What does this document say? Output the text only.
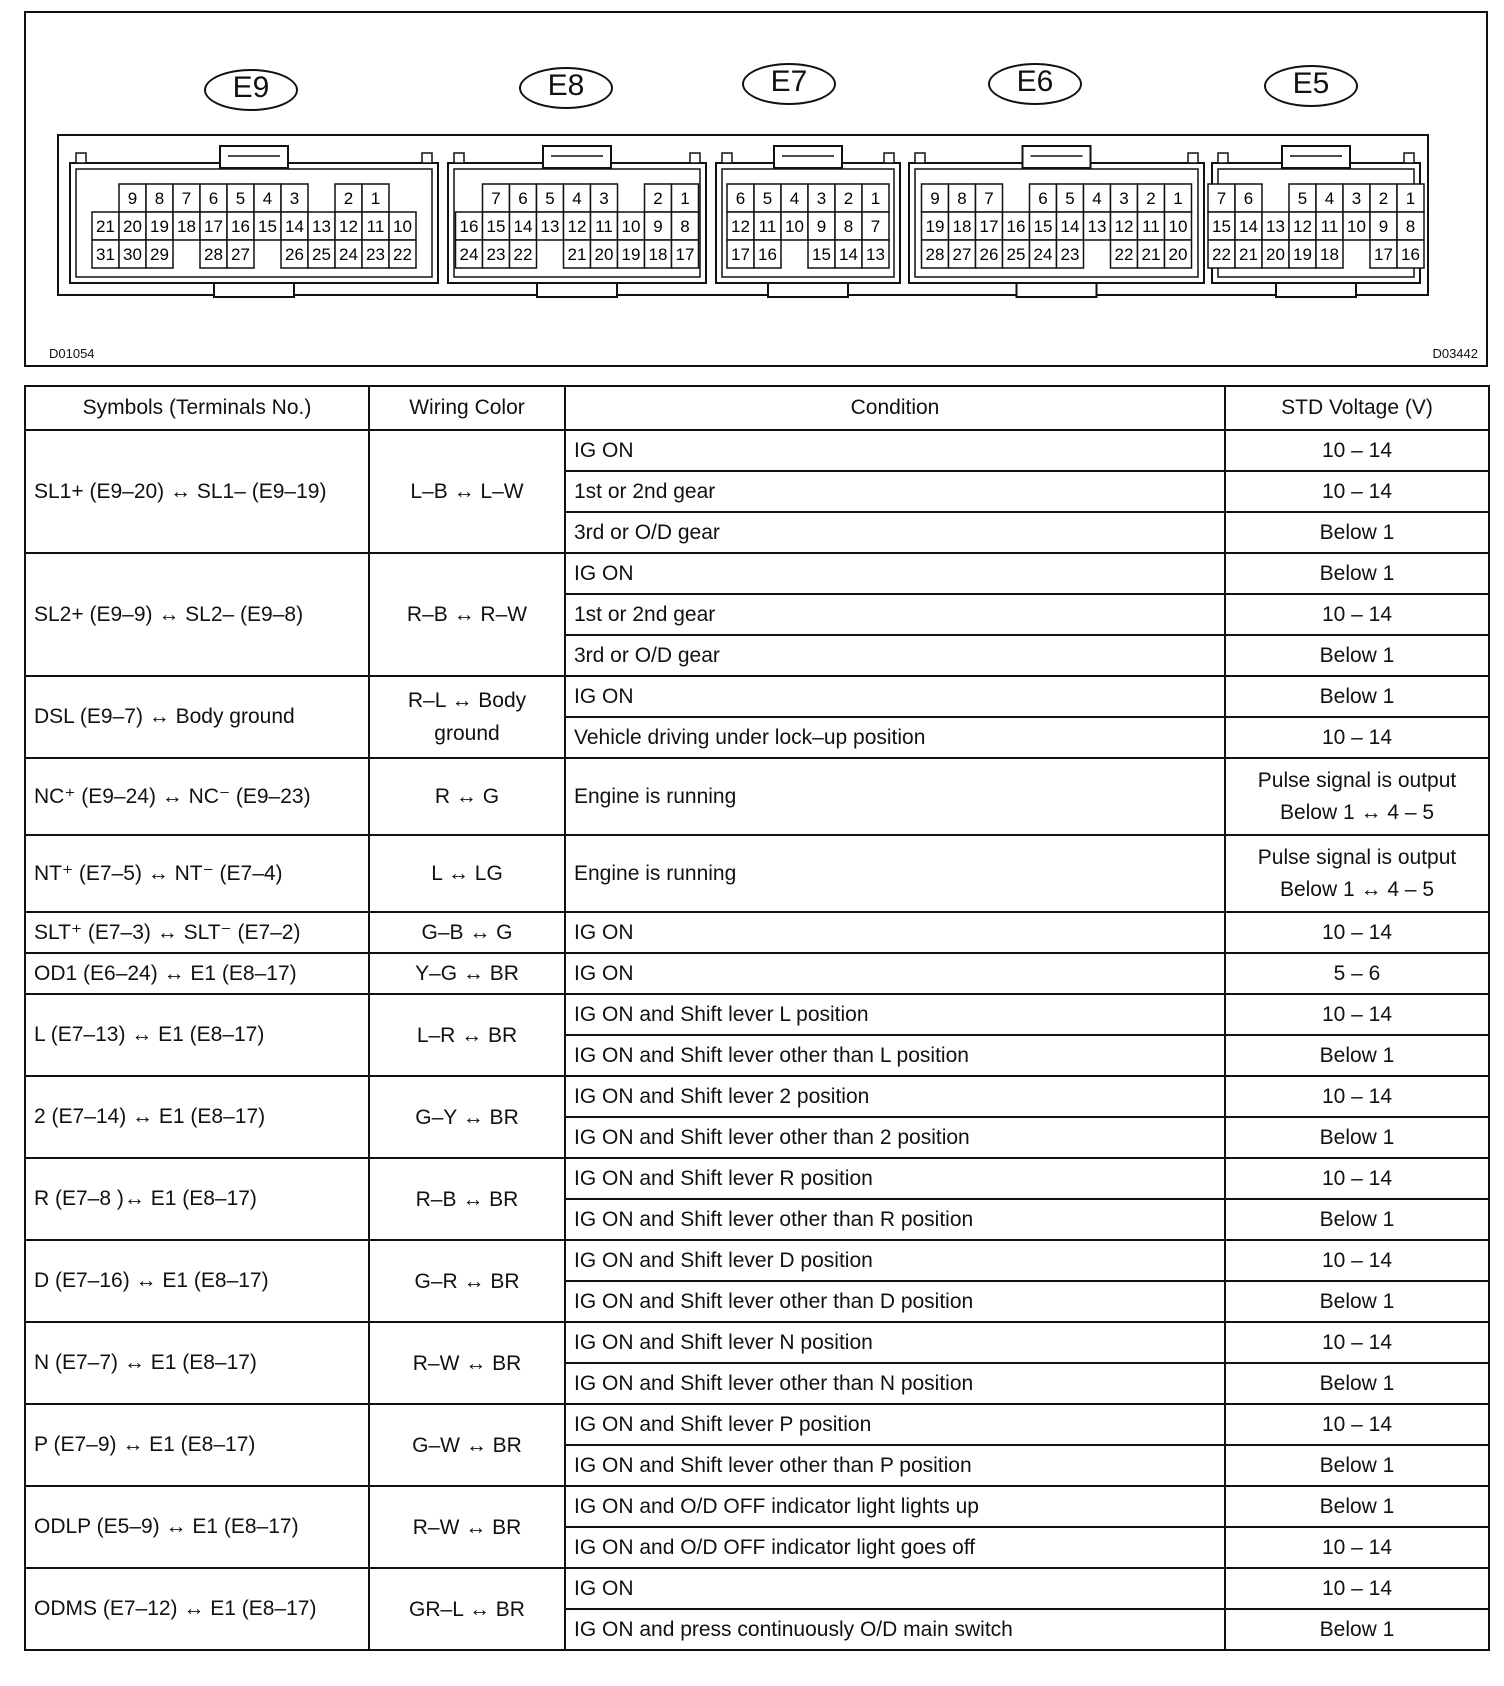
9 8 7 6 5 4 3	2 1
21 20 19 18 17 16 15 14 13 12 11 10
31 30 29 28 27 26 25 24 23 22
7 6 5 4 3	2 1
16 15 14 13 12 11 10 9 8
24 23 22 21 20 19 18 17
6 5 4 3 2 1
12 11 10 9 8 7
17 16 15 14 13
9 8 7	6 5 4 3 2 1
19 18 17 16 15 14 13 12 11 10
28 27 26 25 24 23 22 21 20
7 6	5 4 3 2 1
15 14 13 12 11 10 9 8
22 21 20 19 18 17 16
E9	E8	E7	E6	E5
D01054	D03442
Symbols (Terminals No.)	Wiring Color	Condition	STD Voltage (V)
SL1+ (E9–20) ↔ SL1– (E9–19)	L–B ↔ L–W	IG ON	10 – 14
		1st or 2nd gear	10 – 14
		3rd or O/D gear	Below 1
SL2+ (E9–9) ↔ SL2– (E9–8)	R–B ↔ R–W	IG ON	Below 1
		1st or 2nd gear	10 – 14
		3rd or O/D gear	Below 1
DSL (E9–7) ↔ Body ground	R–L ↔ Body ground	IG ON	Below 1
		Vehicle driving under lock–up position	10 – 14
NC⁺ (E9–24) ↔ NC⁻ (E9–23)	R ↔ G	Engine is running	Pulse signal is output Below 1 ↔ 4 – 5
NT⁺ (E7–5) ↔ NT⁻ (E7–4)	L ↔ LG	Engine is running	Pulse signal is output Below 1 ↔ 4 – 5
SLT⁺ (E7–3) ↔ SLT⁻ (E7–2)	G–B ↔ G	IG ON	10 – 14
OD1 (E6–24) ↔ E1 (E8–17)	Y–G ↔ BR	IG ON	5 – 6
L (E7–13) ↔ E1 (E8–17)	L–R ↔ BR	IG ON and Shift lever L position	10 – 14
		IG ON and Shift lever other than L position	Below 1
2 (E7–14) ↔ E1 (E8–17)	G–Y ↔ BR	IG ON and Shift lever 2 position	10 – 14
		IG ON and Shift lever other than 2 position	Below 1
R (E7–8 )↔ E1 (E8–17)	R–B ↔ BR	IG ON and Shift lever R position	10 – 14
		IG ON and Shift lever other than R position	Below 1
D (E7–16) ↔ E1 (E8–17)	G–R ↔ BR	IG ON and Shift lever D position	10 – 14
		IG ON and Shift lever other than D position	Below 1
N (E7–7) ↔ E1 (E8–17)	R–W ↔ BR	IG ON and Shift lever N position	10 – 14
		IG ON and Shift lever other than N position	Below 1
P (E7–9) ↔ E1 (E8–17)	G–W ↔ BR	IG ON and Shift lever P position	10 – 14
		IG ON and Shift lever other than P position	Below 1
ODLP (E5–9) ↔ E1 (E8–17)	R–W ↔ BR	IG ON and O/D OFF indicator light lights up	Below 1
		IG ON and O/D OFF indicator light goes off	10 – 14
ODMS (E7–12) ↔ E1 (E8–17)	GR–L ↔ BR	IG ON	10 – 14
		IG ON and press continuously O/D main switch	Below 1
